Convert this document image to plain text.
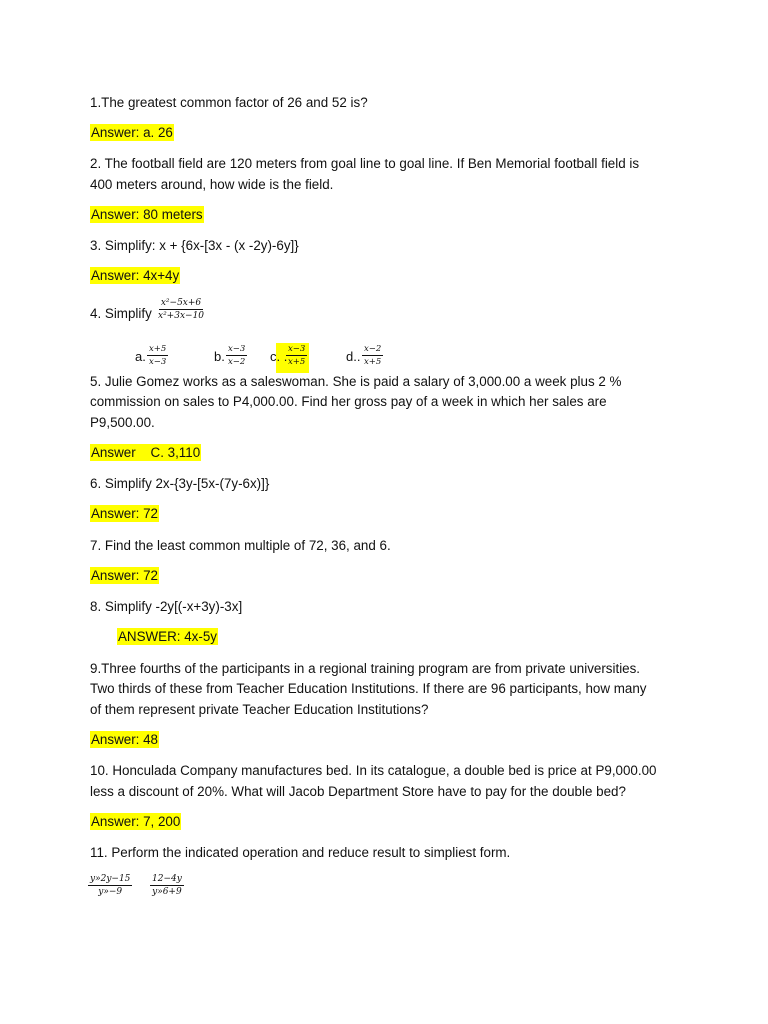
1.The greatest common factor of 26 and 52 is?
Answer: a. 26
2. The football field are 120 meters from goal line to goal line. If Ben Memorial football field is
400 meters around, how wide is the field.
Answer: 80 meters
3. Simplify: x + {6x-[3x - (x -2y)-6y]}
Answer: 4x+4y
4. Simplify $\frac{\text{x²−5x+6}}{\text{x²+3x−10}}$
a. $\frac{x+5}{x-3}$	b. $\frac{x-3}{x-2} c$. .
$\frac{x-3}{x+5}$	d.. $\frac{x-2}{x+5}$
5. Julie Gomez works as a saleswoman. She is paid a salary of 3,000.00 a week plus 2 %
commission on sales to P4,000.00. Find her gross pay of a week in which her sales are
P9,500.00.
Answer    C. 3,110
6. Simplify 2x-{3y-[5x-(7y-6x)]}
Answer: 72
7. Find the least common multiple of 72, 36, and 6.
Answer: 72
8. Simplify -2y[(-x+3y)-3x]
ANSWER: 4x-5y
9.Three fourths of the participants in a regional training program are from private universities.
Two thirds of these from Teacher Education Institutions. If there are 96 participants, how many
of them represent private Teacher Education Institutions?
Answer: 48
10. Honculada Company manufactures bed. In its catalogue, a double bed is price at P9,000.00
less a discount of 20%. What will Jacob Department Store have to pay for the double bed?
Answer: 7, 200
11. Perform the indicated operation and reduce result to simpliest form.
$\frac{y»2y-15}{y»-9} \frac{12-4y}{y»6+9}$
